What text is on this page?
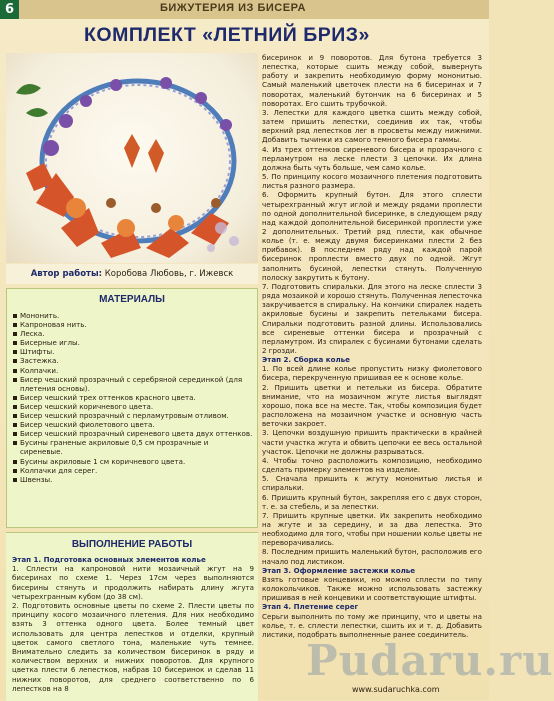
6	БИЖУТЕРИЯ ИЗ БИСЕРА
КОМПЛЕКТ «ЛЕТНИЙ БРИЗ»
Автор работы: Коробова Любовь, г. Ижевск
МАТЕРИАЛЫ
Мононить.
Капроновая нить.
Леска.
Бисерные иглы.
Штифты.
Застежка.
Колпачки.
Бисер чешский прозрачный с серебряной серединкой (для плетения основы).
Бисер чешский трех оттенков красного цвета.
Бисер чешский коричневого цвета.
Бисер чешский прозрачный с перламутровым отливом.
Бисер чешский фиолетового цвета.
Бисер чешский прозрачный сиреневого цвета двух оттенков.
Бусины граненые акриловые 0,5 см прозрачные и сиреневые.
Бусины акриловые 1 см коричневого цвета.
Колпачки для серег.
Швензы.
ВЫПОЛНЕНИЕ РАБОТЫ

Этап 1. Подготовка основных элементов колье

1. Сплести на капроновой нити мозаичный жгут на 9 бисеринах по схеме 1. Через 17см через выполняются бисерины стянуть и продолжить набирать длину жгута четырехгранным кубом (до 38 см).

2. Подготовить основные цветы по схеме 2. Плести цветы по принципу косого мозаичного плетения. Для них необходимо взять 3 оттенка одного цвета. Более темный цвет использовать для центра лепестков и отделки, крупный цветок самого светлого тона, маленькие чуть темнее. Внимательно следить за количеством бисеринок в ряду и количеством верхних и нижних поворотов. Для крупного цветка плести 6 лепестков, набрав 10 бисеринок и сделав 11 нижних поворотов, для среднего соответственно по 6 лепестков на 8

бисеринок и 9 поворотов. Для бутона требуется 3 лепестка, которые сшить между собой, вывернуть работу и закрепить необходимую форму мононитью. Самый маленький цветочек плести на 6 бисеринах и 7 поворотах, маленький бутончик на 6 бисеринах и 5 поворотах. Его сшить трубочкой.

3. Лепестки для каждого цветка сшить между собой, затем пришить лепестки, соединив их так, чтобы верхний ряд лепестков лег в просветы между нижними. Добавить тычинки из самого темного бисера гаммы.

4. Из трех оттенков сиреневого бисера и прозрачного с перламутром на леске плести 3 цепочки. Их длина должна быть чуть больше, чем само колье.

5. По принципу косого мозаичного плетения подготовить листья разного размера.

6. Оформить крупный бутон. Для этого сплести четырехгранный жгут иглой и между рядами проплести по одной дополнительной бисеринке, в следующем ряду над каждой дополнительной бисеринкой проплести уже 2 дополнительных. Третий ряд плести, как обычное колье (т. е. между двумя бисеринками плести 2 без прибавок). В последнем ряду над каждой парой бисеринок проплести вместо двух по одной. Жгут заполнить бусиной, лепестки стянуть. Полученную полоску закрутить к бутону.

7. Подготовить спиральки. Для этого на леске сплести 3 ряда мозаикой и хорошо стянуть. Полученная лепесточка закручивается в спиральку. На кончики спиралек надеть акриловые бусины и закрепить петельками бисера. Спиральки подготовить разной длины. Использовались все сиреневые оттенки бисера и прозрачный с перламутром. Из спиралек с бусинами бутонами сделать 2 грозди.

Этап 2. Сборка колье

1. По всей длине колье пропустить низку фиолетового бисера, перекрученную пришивая ее к основе колье.

2. Пришить цветки и петельки из бисера. Обратите внимание, что на мозаичном жгуте листья выглядят хорошо, пока все на месте. Так, чтобы композиция будет расположена на мозаичном участке и основную часть веточки закроет.

3. Цепочки воздушную пришить практически в крайней части участка жгута и обвить цепочки ее весь остальной участок. Цепочки не должны разрываться.

4. Чтобы точно расположить композицию, необходимо сделать примерку элементов на изделие.

5. Сначала пришить к жгуту мононитью листья и спиральки.

6. Пришить крупный бутон, закрепляя его с двух сторон, т. е. за стебель, и за лепестки.

7. Пришить крупные цветки. Их закрепить необходимо на жгуте и за середину, и за два лепестка. Это необходимо для того, чтобы при ношении колье цветы не переворачивались.

8. Последним пришить маленький бутон, расположив его начало под листиком.

Этап 3. Оформление застежки колье

Взять готовые концевики, но можно сплести по типу колокольчиков. Также можно использовать застежку пришивая в ней концевики и соответствующие штифты.

Этап 4. Плетение серег

Серьги выполнить по тому же принципу, что и цветы на колье, т. е. сплести лепестки, сшить их и т. д. Добавить листики, подобрать выполненные ранее соединитель.

Pudaru.ru
www.sudaruchka.com
